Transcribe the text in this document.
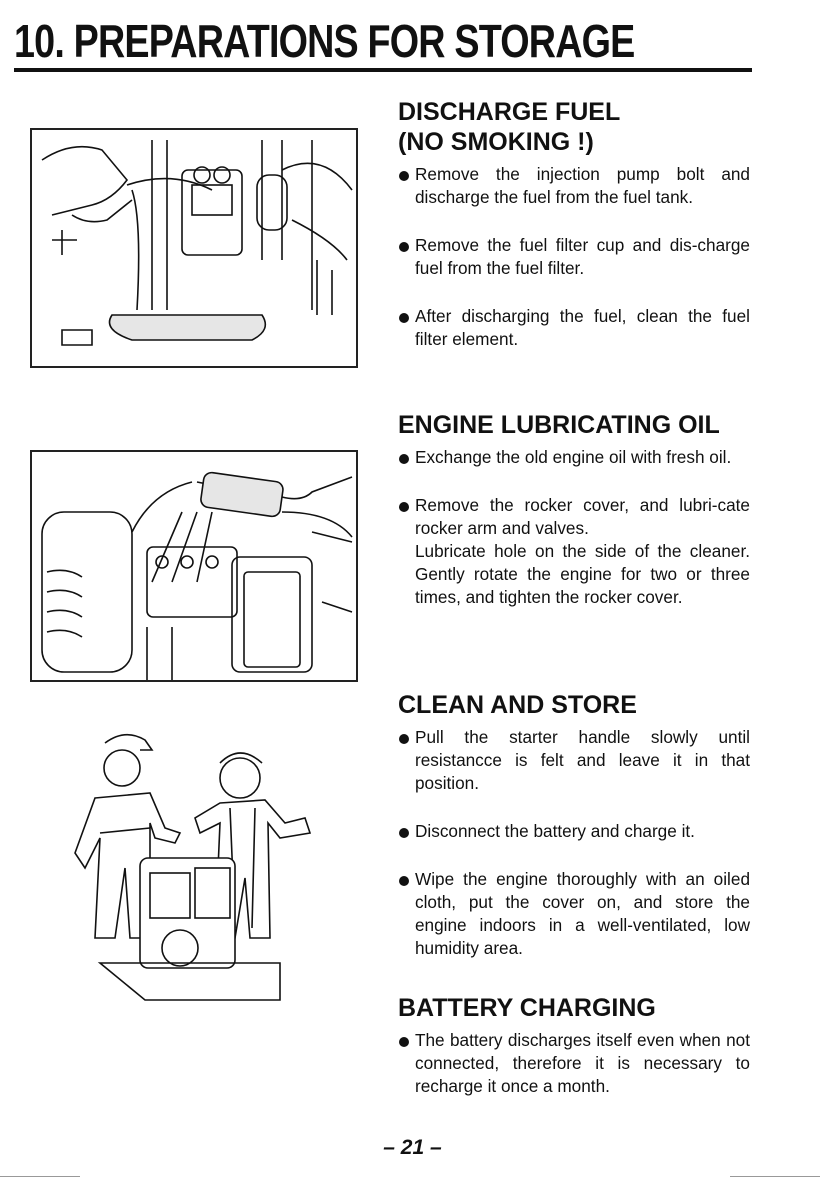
10. PREPARATIONS FOR STORAGE
DISCHARGE FUEL
(NO SMOKING !)
Remove the injection pump bolt and discharge the fuel from the fuel tank.
Remove the fuel filter cup and dis-charge fuel from the fuel filter.
After discharging the fuel, clean the fuel filter element.
ENGINE LUBRICATING OIL
Exchange the old engine oil with fresh oil.
Remove the rocker cover, and lubri-cate rocker arm and valves.
Lubricate hole on the side of the cleaner. Gently rotate the engine for two or three times, and tighten the rocker cover.
CLEAN AND STORE
Pull the starter handle slowly until resistancce is felt and leave it in that position.
Disconnect the battery and charge it.
Wipe the engine thoroughly with an oiled cloth, put the cover on, and store the engine indoors in a well-ventilated, low humidity area.
BATTERY CHARGING
The battery discharges itself even when not connected, therefore it is necessary to recharge it once a month.
– 21 –
